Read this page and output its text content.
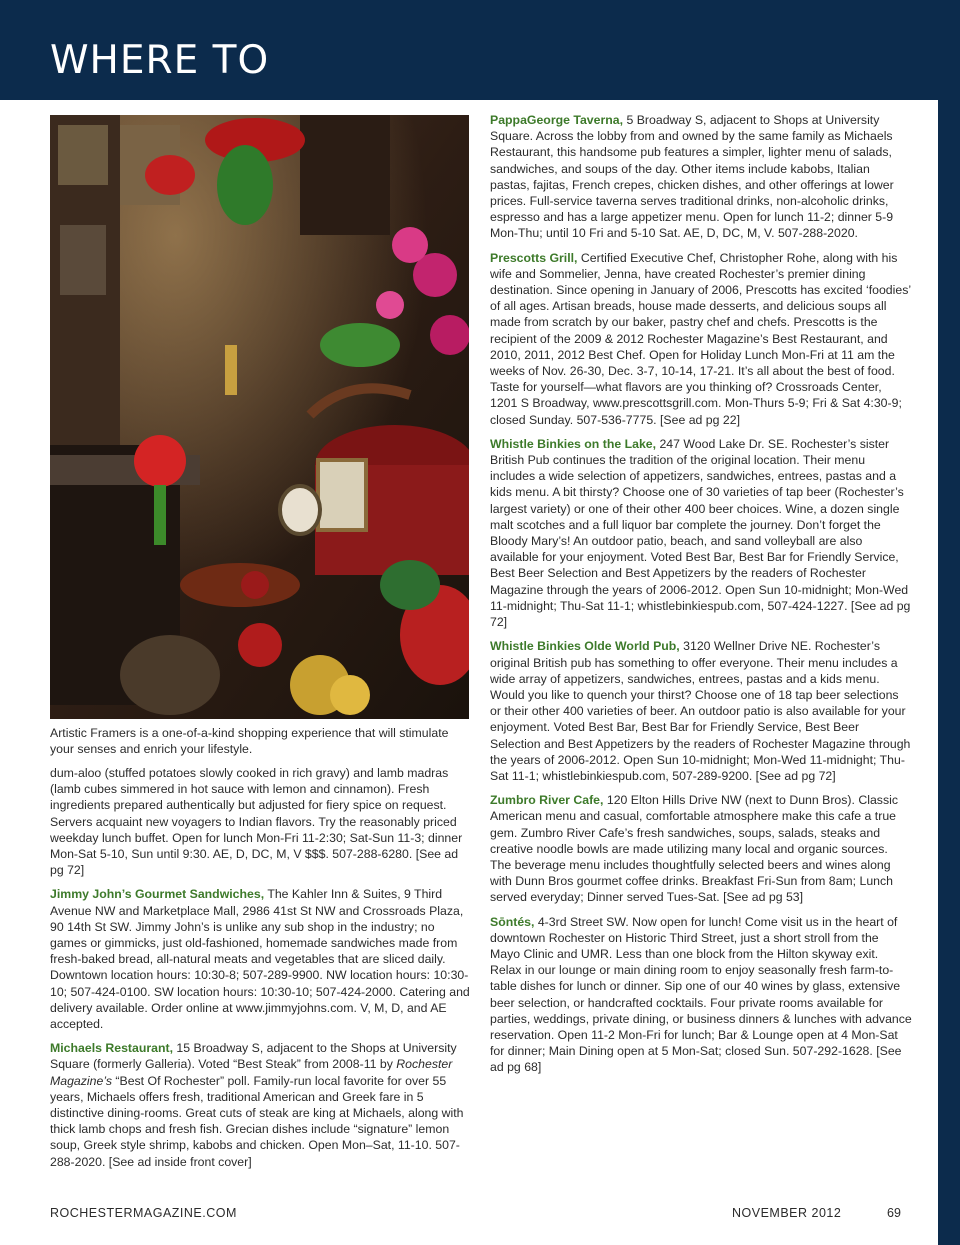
WHERE TO
Artistic Framers is a one-of-a-kind shopping experience that will stimulate your senses and enrich your lifestyle.

dum-aloo (stuffed potatoes slowly cooked in rich gravy) and lamb madras (lamb cubes simmered in hot sauce with lemon and cinnamon). Fresh ingredients prepared authentically but adjusted for fiery spice on request. Servers acquaint new voyagers to Indian flavors. Try the reasonably priced weekday lunch buffet. Open for lunch Mon-Fri 11-2:30; Sat-Sun 11-3; dinner Mon-Sat 5-10, Sun until 9:30. AE, D, DC, M, V $$$. 507-288-6280. [See ad pg 72]

Jimmy John’s Gourmet Sandwiches, The Kahler Inn & Suites, 9 Third Avenue NW and Marketplace Mall, 2986 41st St NW and Crossroads Plaza, 90 14th St SW. Jimmy John’s is unlike any sub shop in the industry; no games or gimmicks, just old-fashioned, homemade sandwiches made from fresh-baked bread, all-natural meats and vegetables that are sliced daily. Downtown location hours: 10:30-8; 507-289-9900. NW location hours: 10:30-10; 507-424-0100. SW location hours: 10:30-10; 507-424-2000. Catering and delivery available. Order online at www.jimmyjohns.com. V, M, D, and AE accepted.

Michaels Restaurant, 15 Broadway S, adjacent to the Shops at University Square (formerly Galleria). Voted “Best Steak” from 2008-11 by Rochester Magazine’s “Best Of Rochester” poll. Family-run local favorite for over 55 years, Michaels offers fresh, traditional American and Greek fare in 5 distinctive dining-rooms. Great cuts of steak are king at Michaels, along with thick lamb chops and fresh fish. Grecian dishes include “signature” lemon soup, Greek style shrimp, kabobs and chicken. Open Mon–Sat, 11-10. 507-288-2020. [See ad inside front cover]

PappaGeorge Taverna, 5 Broadway S, adjacent to Shops at University Square. Across the lobby from and owned by the same family as Michaels Restaurant, this handsome pub features a simpler, lighter menu of salads, sandwiches, and soups of the day. Other items include kabobs, Italian pastas, fajitas, French crepes, chicken dishes, and other offerings at lower prices. Full-service taverna serves traditional drinks, non-alcoholic drinks, espresso and has a large appetizer menu. Open for lunch 11-2; dinner 5-9 Mon-Thu; until 10 Fri and 5-10 Sat. AE, D, DC, M, V. 507-288-2020.

Prescotts Grill, Certified Executive Chef, Christopher Rohe, along with his wife and Sommelier, Jenna, have created Rochester’s premier dining destination. Since opening in January of 2006, Prescotts has excited ‘foodies’ of all ages. Artisan breads, house made desserts, and delicious soups all made from scratch by our baker, pastry chef and chefs. Prescotts is the recipient of the 2009 & 2012 Rochester Magazine’s Best Restaurant, and 2010, 2011, 2012 Best Chef. Open for Holiday Lunch Mon-Fri at 11 am the weeks of Nov. 26-30, Dec. 3-7, 10-14, 17-21. It’s all about the best of food. Taste for yourself—what flavors are you thinking of? Crossroads Center, 1201 S Broadway, www.prescottsgrill.com. Mon-Thurs 5-9; Fri & Sat 4:30-9; closed Sunday. 507-536-7775. [See ad pg 22]

Whistle Binkies on the Lake, 247 Wood Lake Dr. SE. Rochester’s sister British Pub continues the tradition of the original location. Their menu includes a wide selection of appetizers, sandwiches, entrees, pastas and a kids menu. A bit thirsty? Choose one of 30 varieties of tap beer (Rochester’s largest variety) or one of their other 400 beer choices. Wine, a dozen single malt scotches and a full liquor bar complete the journey. Don’t forget the Bloody Mary’s! An outdoor patio, beach, and sand volleyball are also available for your enjoyment. Voted Best Bar, Best Bar for Friendly Service, Best Beer Selection and Best Appetizers by the readers of Rochester Magazine through the years of 2006-2012. Open Sun 10-midnight; Mon-Wed 11-midnight; Thu-Sat 11-1; whistlebinkiespub.com, 507-424-1227. [See ad pg 72]

Whistle Binkies Olde World Pub, 3120 Wellner Drive NE. Rochester’s original British pub has something to offer everyone. Their menu includes a wide array of appetizers, sandwiches, entrees, pastas and a kids menu. Would you like to quench your thirst? Choose one of 18 tap beer selections or their other 400 varieties of beer. An outdoor patio is also available for your enjoyment. Voted Best Bar, Best Bar for Friendly Service, Best Beer Selection and Best Appetizers by the readers of Rochester Magazine through the years of 2006-2012. Open Sun 10-midnight; Mon-Wed 11-midnight; Thu-Sat 11-1; whistlebinkiespub.com, 507-289-9200. [See ad pg 72]

Zumbro River Cafe, 120 Elton Hills Drive NW (next to Dunn Bros). Classic American menu and casual, comfortable atmosphere make this cafe a true gem. Zumbro River Cafe’s fresh sandwiches, soups, salads, steaks and creative noodle bowls are made utilizing many local and organic sources. The beverage menu includes thoughtfully selected beers and wines along with Dunn Bros gourmet coffee drinks. Breakfast Fri-Sun from 8am; Lunch served everyday; Dinner served Tues-Sat. [See ad pg 53]

Sōntés, 4-3rd Street SW. Now open for lunch! Come visit us in the heart of downtown Rochester on Historic Third Street, just a short stroll from the Mayo Clinic and UMR. Less than one block from the Hilton skyway exit. Relax in our lounge or main dining room to enjoy seasonally fresh farm-to-table dishes for lunch or dinner. Sip one of our 40 wines by glass, extensive beer selection, or handcrafted cocktails. Four private rooms available for parties, weddings, private dining, or business dinners & lunches with advance reservation. Open 11-2 Mon-Fri for lunch; Bar & Lounge open at 4 Mon-Sat for dinner; Main Dining open at 5 Mon-Sat; closed Sun. 507-292-1628. [See ad pg 68]

ROCHESTERMAGAZINE.COM	NOVEMBER 2012	69
